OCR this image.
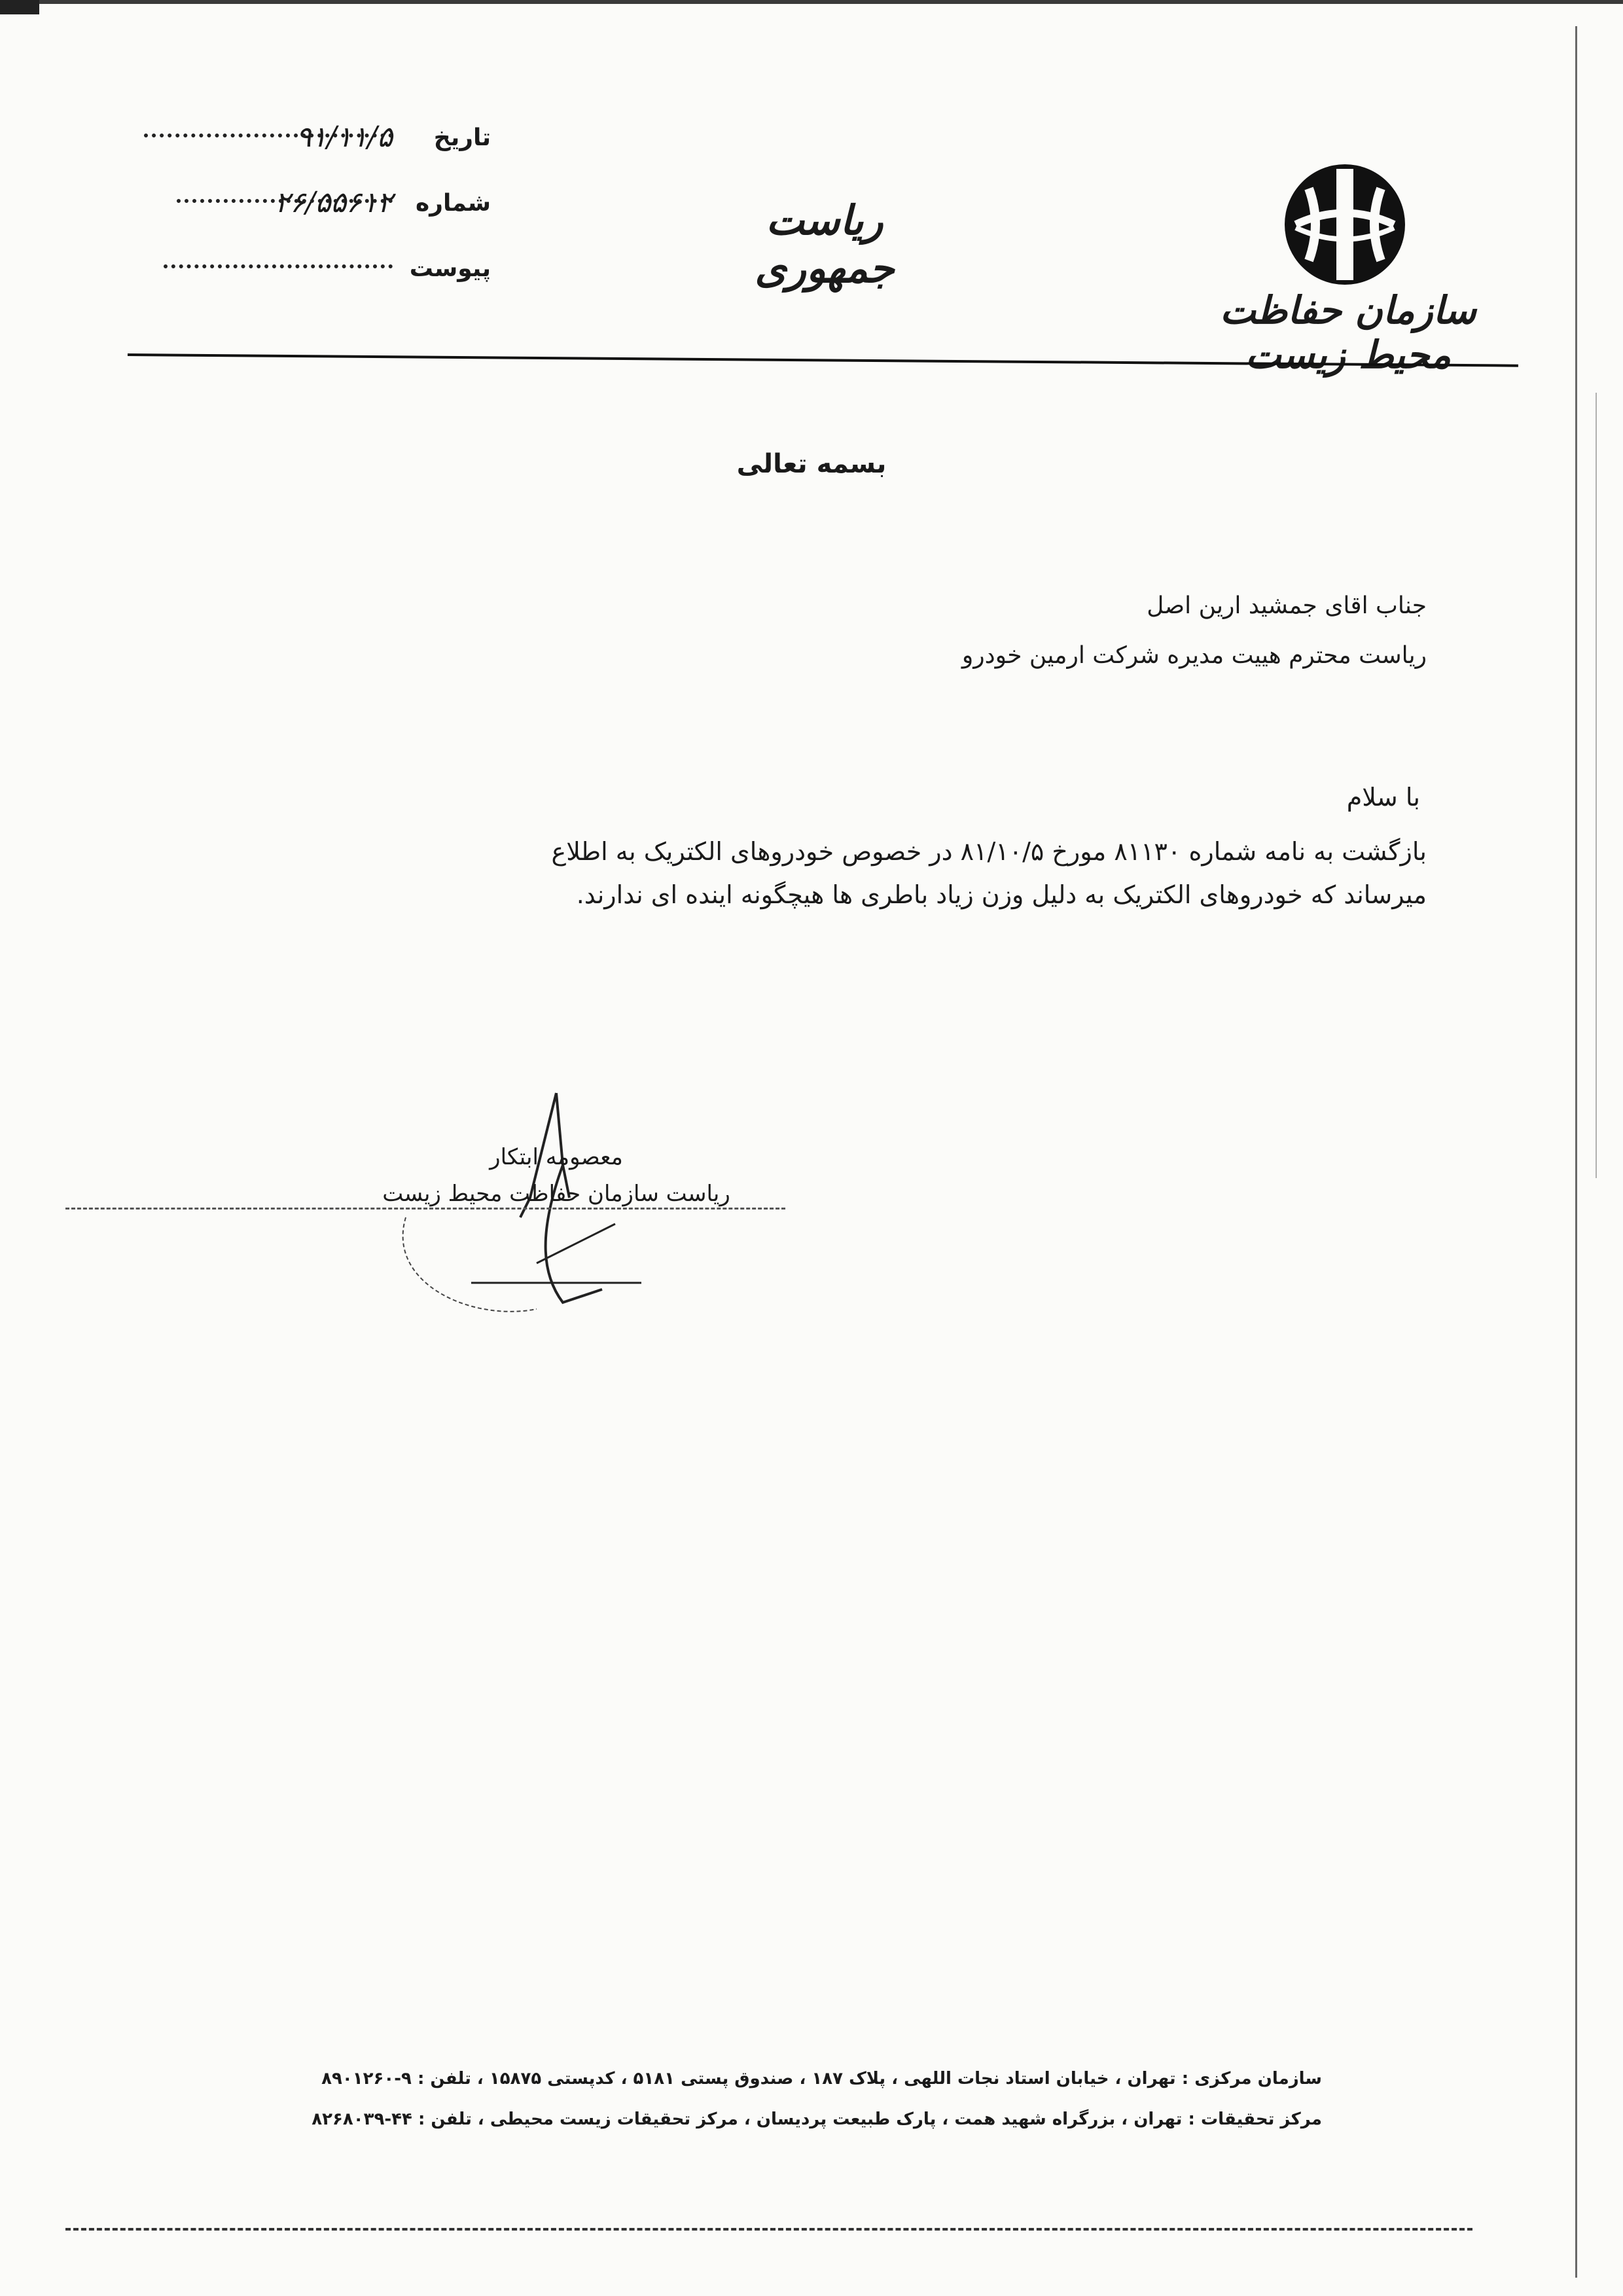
سازمان حفاظت محیط زیست
ریاست جمهوری
تاریخ
۹۱/۱۱/۵
شماره
۲۶/۵۵۶۱۲
پیوست
بسمه تعالی
جناب اقای جمشید ارین اصل
ریاست محترم هییت مدیره شرکت ارمین خودرو
با سلام
بازگشت به نامه شماره ۸۱۱۳۰ مورخ ۸۱/۱۰/۵ در خصوص خودروهای الکتریک به اطلاع
میرساند که خودروهای الکتریک به دلیل وزن زیاد باطری ها هیچگونه اینده ای ندارند.
معصومه ابتکار
ریاست سازمان حفاظت محیط زیست
سازمان مرکزی : تهران ، خیابان استاد نجات اللهی ، پلاک ۱۸۷ ، صندوق پستی ۵۱۸۱ ، کدپستی ۱۵۸۷۵ ، تلفن : ۹-۸۹۰۱۲۶۰
مرکز تحقیقات : تهران ، بزرگراه شهید همت ، پارک طبیعت پردیسان ، مرکز تحقیقات زیست محیطی ، تلفن : ۴۴-۸۲۶۸۰۳۹
